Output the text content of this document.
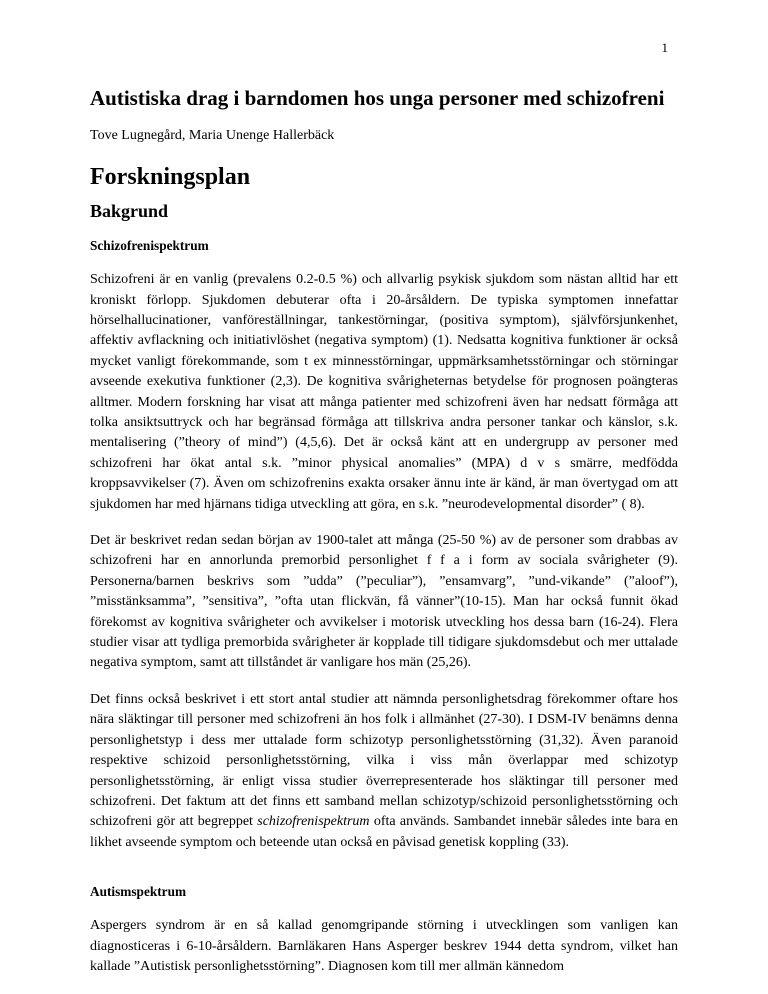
1
Autistiska drag i barndomen hos unga personer med schizofreni
Tove Lugnegård, Maria Unenge Hallerbäck
Forskningsplan
Bakgrund
Schizofrenispektrum

Schizofreni är en vanlig (prevalens 0.2-0.5 %) och allvarlig psykisk sjukdom som nästan alltid har ett kroniskt förlopp. Sjukdomen debuterar ofta i 20-årsåldern. De typiska symptomen innefattar hörselhallucinationer, vanföreställningar, tankestörningar, (positiva symptom), självförsjunkenhet, affektiv avflackning och initiativlöshet (negativa symptom) (1). Nedsatta kognitiva funktioner är också mycket vanligt förekommande, som t ex minnesstörningar, uppmärksamhetsstörningar och störningar avseende exekutiva funktioner (2,3). De kognitiva svårigheternas betydelse för prognosen poängteras alltmer. Modern forskning har visat att många patienter med schizofreni även har nedsatt förmåga att tolka ansiktsuttryck och har begränsad förmåga att tillskriva andra personer tankar och känslor, s.k. mentalisering (”theory of mind”) (4,5,6). Det är också känt att en undergrupp av personer med schizofreni har ökat antal s.k. ”minor physical anomalies” (MPA) d v s smärre, medfödda kroppsavvikelser (7). Även om schizofrenins exakta orsaker ännu inte är känd, är man övertygad om att sjukdomen har med hjärnans tidiga utveckling att göra, en s.k. ”neurodevelopmental disorder” ( 8).

Det är beskrivet redan sedan början av 1900-talet att många (25-50 %) av de personer som drabbas av schizofreni har en annorlunda premorbid personlighet f f a i form av sociala svårigheter (9). Personerna/barnen beskrivs som ”udda” (”peculiar”), ”ensamvarg”, ”und-vikande” (”aloof”), ”misstänksamma”, ”sensitiva”, ”ofta utan flickvän, få vänner”(10-15). Man har också funnit ökad förekomst av kognitiva svårigheter och avvikelser i motorisk utveckling hos dessa barn (16-24). Flera studier visar att tydliga premorbida svårigheter är kopplade till tidigare sjukdomsdebut och mer uttalade negativa symptom, samt att tillståndet är vanligare hos män (25,26).

Det finns också beskrivet i ett stort antal studier att nämnda personlighetsdrag förekommer oftare hos nära släktingar till personer med schizofreni än hos folk i allmänhet (27-30). I DSM-IV benämns denna personlighetstyp i dess mer uttalade form schizotyp personlighetsstörning (31,32). Även paranoid respektive schizoid personlighetsstörning, vilka i viss mån överlappar med schizotyp personlighetsstörning, är enligt vissa studier överrepresenterade hos släktingar till personer med schizofreni. Det faktum att det finns ett samband mellan schizotyp/schizoid personlighetsstörning och schizofreni gör att begreppet schizofrenispektrum ofta används. Sambandet innebär således inte bara en likhet avseende symptom och beteende utan också en påvisad genetisk koppling (33).

Autismspektrum

Aspergers syndrom är en så kallad genomgripande störning i utvecklingen som vanligen kan diagnosticeras i 6-10-årsåldern. Barnläkaren Hans Asperger beskrev 1944 detta syndrom, vilket han kallade ”Autistisk personlighetsstörning”. Diagnosen kom till mer allmän kännedom
